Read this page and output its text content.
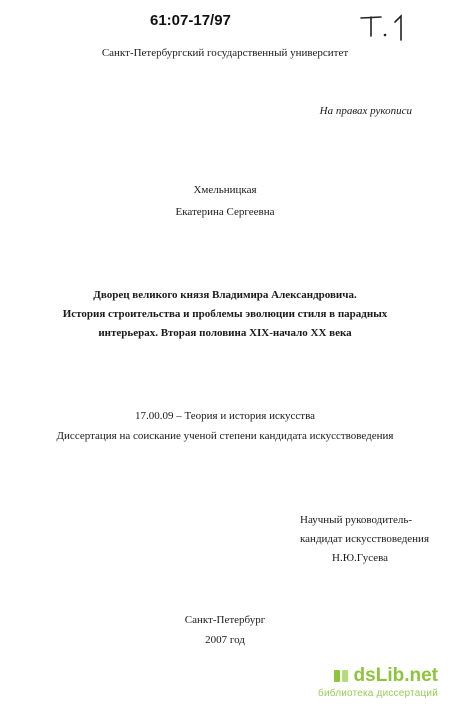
61:07-17/97
Санкт-Петербургский государственный университет
На правах рукописи
Хмельницкая
Екатерина Сергеевна
Дворец великого князя Владимира Александровича.
История строительства и проблемы эволюции стиля в парадных
интерьерах. Вторая половина XIX-начало XX века
17.00.09 – Теория и история искусства
Диссертация на соискание ученой степени кандидата искусствоведения
Научный руководитель-
кандидат искусствоведения
Н.Ю.Гусева
Санкт-Петербург
2007 год
dsLib.net
библиотека диссертаций
